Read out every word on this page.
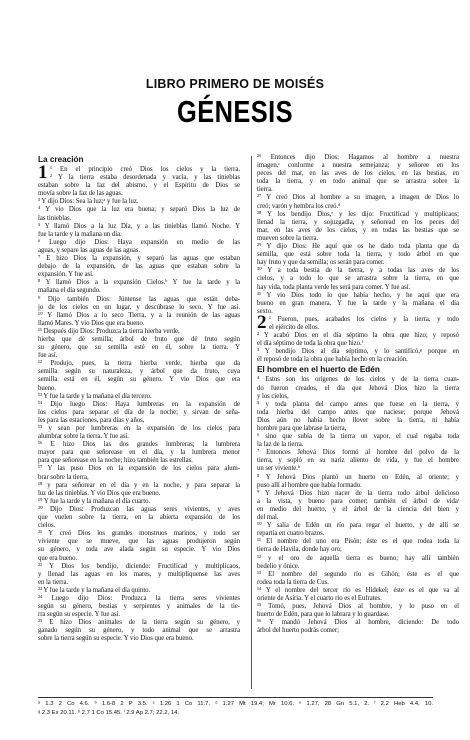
LIBRO PRIMERO DE MOISÉS
GÉNESIS
La creación
1 ¹ En el principio creó Dios los cielos y la tierra.
² Y la tierra estaba desordenada y vacía, y las tinieblas
estaban sobre la faz del abismo, y el Espíritu de Dios se
movía sobre la faz de las aguas.
³ Y dijo Dios: Sea la luz;ᵃ y fue la luz.
⁴ Y vio Dios que la luz era buena; y separó Dios la luz de
las tinieblas.
⁵ Y llamó Dios a la luz Día, y a las tinieblas llamó Noche. Y
fue la tarde y la mañana un día.
⁶ Luego dijo Dios: Haya expansión en medio de las
aguas, y separe las aguas de las aguas.
⁷ E hizo Dios la expansión, y separó las aguas que estaban
debajo de la expansión, de las aguas que estaban sobre la
expansión. Y fue así.
⁸ Y llamó Dios a la expansión Cielos.ᵇ Y fue la tarde y la
mañana el día segundo.
⁹ Dijo también Dios: Júntense las aguas que están deba-
jo de los cielos en un lugar, y descúbrase lo seco. Y fue así.
¹⁰ Y llamó Dios a lo seco Tierra, y a la reunión de las aguas
llamó Mares. Y vio Dios que era bueno.
¹¹ Después dijo Dios: Produzca la tierra hierba verde,
hierba que dé semilla; árbol de fruto que dé fruto según
su género, que su semilla esté en él, sobre la tierra. Y
fue así.
¹² Produjo, pues, la tierra hierba verde, hierba que da
semilla según su naturaleza, y árbol que da fruto, cuya
semilla está en él, según su género. Y vio Dios que era
bueno.
¹³ Y fue la tarde y la mañana el día tercero.
¹⁴ Dijo luego Dios: Haya lumbreras en la expansión de
los cielos para separar el día de la noche; y sirvan de seña-
les para las estaciones, para días y años,
¹⁵ y sean por lumbreras en la expansión de los cielos para
alumbrar sobre la tierra. Y fue así.
¹⁶ E hizo Dios las dos grandes lumbreras; la lumbrera
mayor para que señorease en el día, y la lumbrera menor
para que señorease en la noche; hizo también las estrellas.
¹⁷ Y las puso Dios en la expansión de los cielos para alum-
brar sobre la tierra,
¹⁸ y para señorear en el día y en la noche, y para separar la
luz de las tinieblas. Y vio Dios que era bueno.
¹⁹ Y fue la tarde y la mañana el día cuarto.
²⁰ Dijo Dios: Produzcan las aguas seres vivientes, y aves
que vuelen sobre la tierra, en la abierta expansión de los
cielos.
²¹ Y creó Dios los grandes monstruos marinos, y todo ser
viviente que se mueve, que las aguas produjeron según
su género, y toda ave alada según su especie. Y vio Dios
que era bueno.
²² Y Dios los bendijo, diciendo: Fructificad y multiplicaos,
y llenad las aguas en los mares, y multiplíquense las aves
en la tierra.
²³ Y fue la tarde y la mañana el día quinto.
²⁴ Luego dijo Dios: Produzca la tierra seres vivientes
según su género, bestias y serpientes y animales de la tie-
rra según su especie. Y fue así.
²⁵ E hizo Dios animales de la tierra según su género, y
ganado según su género, y todo animal que se arrastra
sobre la tierra según su especie. Y vio Dios que era bueno.
²⁶ Entonces dijo Dios: Hagamos al hombre a nuestra
imagen,ᶜ conforme a nuestra semejanza; y señoree en los
peces del mar, en las aves de los cielos, en las bestias, en
toda la tierra, y en todo animal que se arrastra sobre la
tierra.
²⁷ Y creó Dios al hombre a su imagen, a imagen de Dios lo
creó; varón y hembra los creó.ᵈ
²⁸ Y los bendijo Dios,ᵉ y les dijo: Fructificad y multiplicaos;
llenad la tierra, y sojuzgadla, y señoread en los peces del
mar, en las aves de los cielos, y en todas las bestias que se
mueven sobre la tierra.
²⁹ Y dijo Dios: He aquí que os he dado toda planta que da
semilla, que está sobre toda la tierra, y todo árbol en que
hay fruto y que da semilla; os serán para comer.
³⁰ Y a toda bestia de la tierra, y a todas las aves de los
cielos, y a todo lo que se arrastra sobre la tierra, en que
hay vida, toda planta verde les será para comer. Y fue así.
³¹ Y vio Dios todo lo que había hecho, y he aquí que era
bueno en gran manera. Y fue la tarde y la mañana el día
sexto.
2 ¹ Fueron, pues, acabados los cielos y la tierra, y todo
el ejército de ellos.
² Y acabó Dios en el día séptimo la obra que hizo; y reposó
el día séptimo de toda la obra que hizo.ᶠ
³ Y bendijo Dios al día séptimo, y lo santificó,ᵍ porque en
él reposó de toda la obra que había hecho en la creación.
El hombre en el huerto de Edén
⁴ Estos son los orígenes de los cielos y de la tierra cuan-
do fueron creados, el día que Jehová Dios hizo la tierra
y los cielos,
⁵ y toda planta del campo antes que fuese en la tierra, y
toda hierba del campo antes que naciese; porque Jehová
Dios aún no había hecho llover sobre la tierra, ni había
hombre para que labrase la tierra,
⁶ sino que subía de la tierra un vapor, el cual regaba toda
la faz de la tierra.
⁷ Entonces Jehová Dios formó al hombre del polvo de la
tierra, y sopló en su nariz aliento de vida, y fue el hombre
un ser viviente.ʰ
⁸ Y Jehová Dios plantó un huerto en Edén, al oriente; y
puso allí al hombre que había formado.
⁹ Y Jehová Dios hizo nacer de la tierra todo árbol delicioso
a la vista, y bueno para comer; también el árbol de vidaⁱ
en medio del huerto, y el árbol de la ciencia del bien y
del mal.
¹⁰ Y salía de Edén un río para regar el huerto, y de allí se
repartía en cuatro brazos.
¹¹ El nombre del uno era Pisón; éste es el que rodea toda la
tierra de Havila, donde hay oro;
¹² y el oro de aquella tierra es bueno; hay allí también
bedelio y ónice.
¹³ El nombre del segundo río es Gihón; éste es el que
rodea toda la tierra de Cus.
¹⁴ Y el nombre del tercer río es Hidekel; éste es el que va al
oriente de Asiria. Y el cuarto río es el Éufrates.
¹⁵ Tomó, pues, Jehová Dios al hombre, y lo puso en el
huerto de Edén, para que lo labrara y lo guardase.
¹⁶ Y mandó Jehová Dios al hombre, diciendo: De todo
árbol del huerto podrás comer;
ᵃ 1.3 2 Co 4.6. ᵇ 1.6-8 2 P 3.5. ᶜ 1.26 1 Co 11.7. ᵈ 1.27 Mt 19.4; Mr 10.6. ᵉ 1.27, 28 Gn 5.1, 2. ᶠ 2.2 Heb 4.4, 10.
ᵍ 2.3 Ex 20.11. ʰ 2.7 1 Co 15.45. ⁱ 2.9 Ap 2.7; 22.2, 14.
